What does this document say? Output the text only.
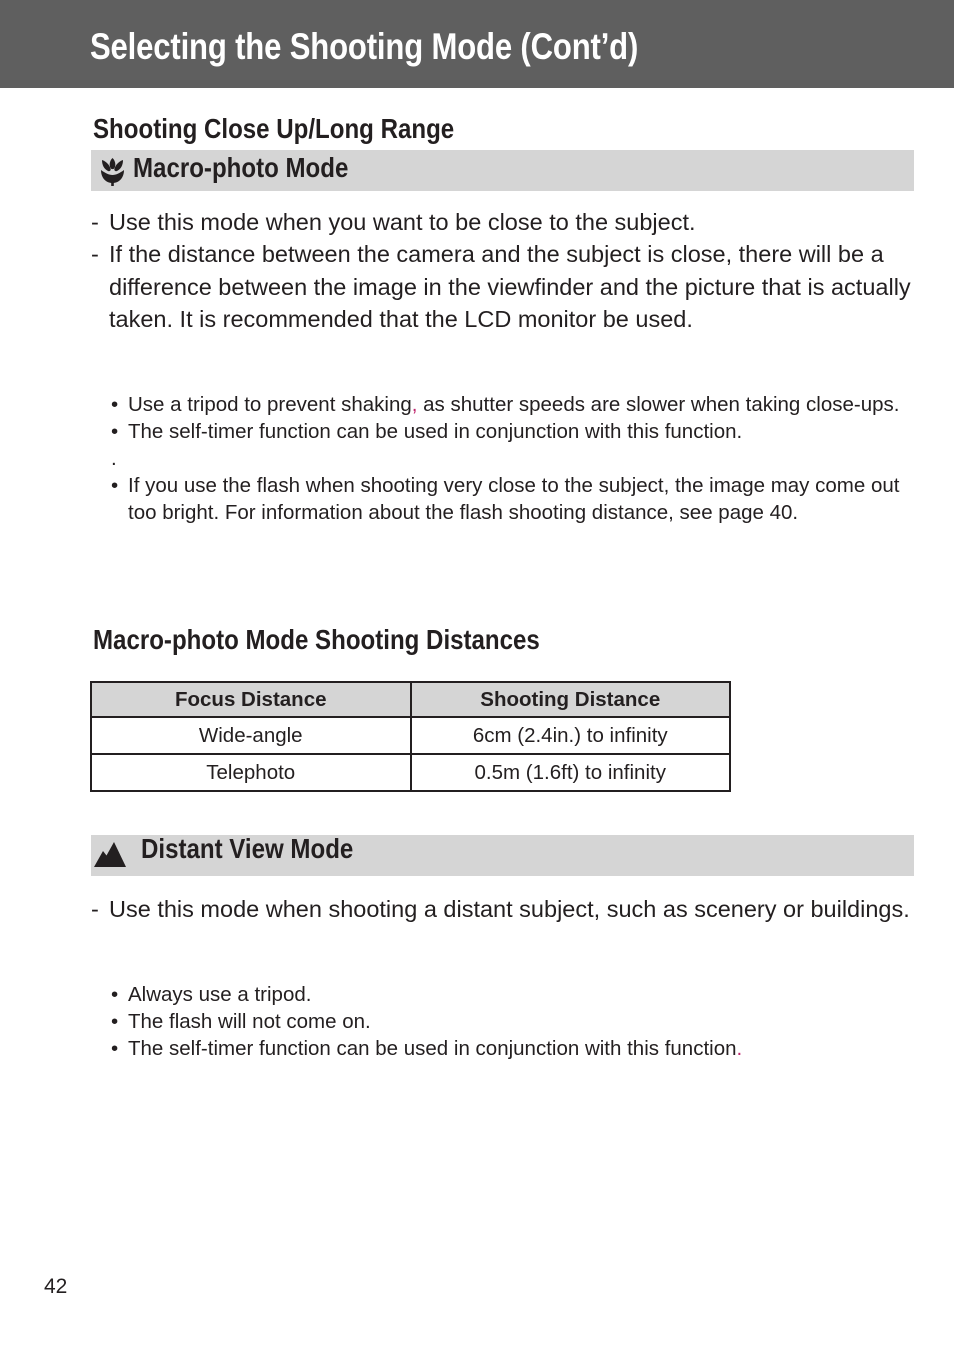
Selecting the Shooting Mode (Cont’d)
Shooting Close Up/Long Range
Macro-photo Mode
- Use this mode when you want to be close to the subject.
- If the distance between the camera and the subject is close, there will be a difference between the image in the viewfinder and the picture that is actually taken. It is recommended that the LCD monitor be used.
• Use a tripod to prevent shaking, as shutter speeds are slower when taking close-ups.
• The self-timer function can be used in conjunction with this function.
.
• If you use the flash when shooting very close to the subject, the image may come out too bright. For information about the flash shooting distance, see page 40.
Macro-photo Mode Shooting Distances
Focus Distance	Shooting Distance
Wide-angle	6cm (2.4in.) to infinity
Telephoto	0.5m (1.6ft) to infinity
Distant View Mode
- Use this mode when shooting a distant subject, such as scenery or buildings.
• Always use a tripod.
• The flash will not come on.
• The self-timer function can be used in conjunction with this function.
42
